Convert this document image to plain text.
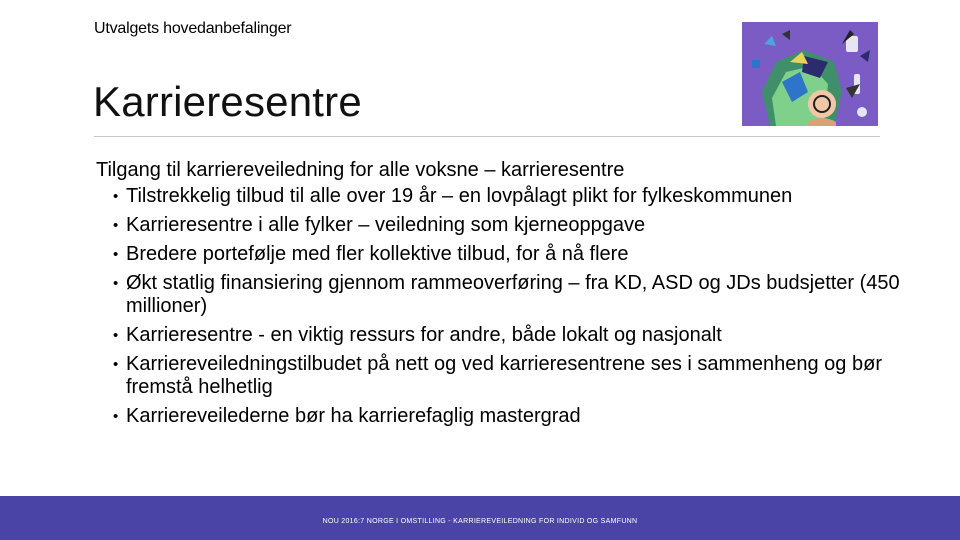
Utvalgets hovedanbefalinger
Karrieresentre

Tilgang til karriereveiledning for alle voksne – karrieresentre

• Tilstrekkelig tilbud til alle over 19 år – en lovpålagt plikt for fylkeskommunen
• Karrieresentre i alle fylker – veiledning som kjerneoppgave
• Bredere portefølje med fler kollektive tilbud, for å nå flere
• Økt statlig finansiering gjennom rammeoverføring – fra KD, ASD og JDs budsjetter (450 millioner)
• Karrieresentre - en viktig ressurs for andre, både lokalt og nasjonalt
• Karriereveiledningstilbudet på nett og ved karrieresentrene ses i sammenheng og bør fremstå helhetlig
• Karriereveilederne bør ha karrierefaglig mastergrad
NOU 2016:7 NORGE I OMSTILLING - KARRIEREVEILEDNING FOR INDIVID OG SAMFUNN
